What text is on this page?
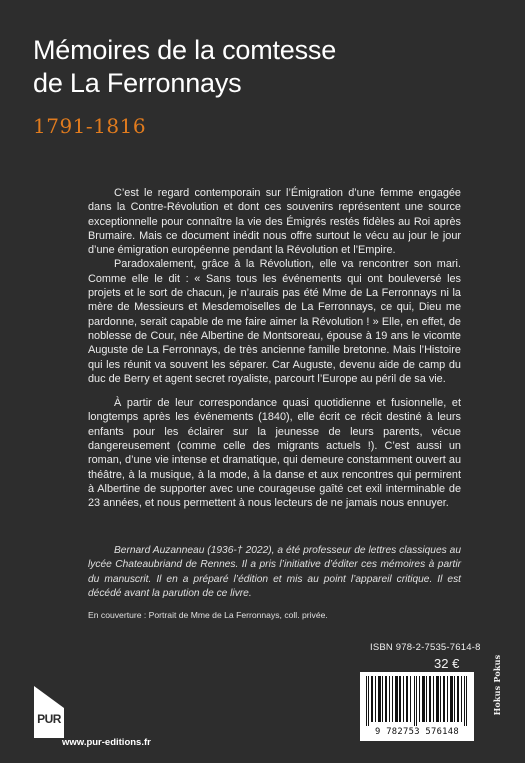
Mémoires de la comtesse
de La Ferronnays
1791-1816

C’est le regard contemporain sur l’Émigration d’une femme engagée dans la Contre-Révolution et dont ces souvenirs représentent une source exceptionnelle pour connaître la vie des Émigrés restés fidèles au Roi après Brumaire. Mais ce document inédit nous offre surtout le vécu au jour le jour d’une émigration européenne pendant la Révolution et l’Empire.

Paradoxalement, grâce à la Révolution, elle va rencontrer son mari. Comme elle le dit : « Sans tous les événements qui ont bouleversé les projets et le sort de chacun, je n’aurais pas été Mme de La Ferronnays ni la mère de Messieurs et Mesdemoiselles de La Ferronnays, ce qui, Dieu me pardonne, serait capable de me faire aimer la Révolution ! » Elle, en effet, de noblesse de Cour, née Albertine de Montsoreau, épouse à 19 ans le vicomte Auguste de La Ferronnays, de très ancienne famille bretonne. Mais l’Histoire qui les réunit va souvent les séparer. Car Auguste, devenu aide de camp du duc de Berry et agent secret royaliste, parcourt l’Europe au péril de sa vie.

À partir de leur correspondance quasi quotidienne et fusionnelle, et longtemps après les événements (1840), elle écrit ce récit destiné à leurs enfants pour les éclairer sur la jeunesse de leurs parents, vécue dangereusement (comme celle des migrants actuels !). C’est aussi un roman, d’une vie intense et dramatique, qui demeure constamment ouvert au théâtre, à la musique, à la mode, à la danse et aux rencontres qui permirent à Albertine de supporter avec une courageuse gaîté cet exil interminable de 23 années, et nous permettent à nous lecteurs de ne jamais nous ennuyer.

Bernard Auzanneau (1936-† 2022), a été professeur de lettres classiques au lycée Chateaubriand de Rennes. Il a pris l’initiative d’éditer ces mémoires à partir du manuscrit. Il en a préparé l’édition et mis au point l’appareil critique. Il est décédé avant la parution de ce livre.

En couverture : Portrait de Mme de La Ferronnays, coll. privée.
ISBN 978-2-7535-7614-8
32 €
9 782753 576148
Hokus Pokus
PUR
www.pur-editions.fr
